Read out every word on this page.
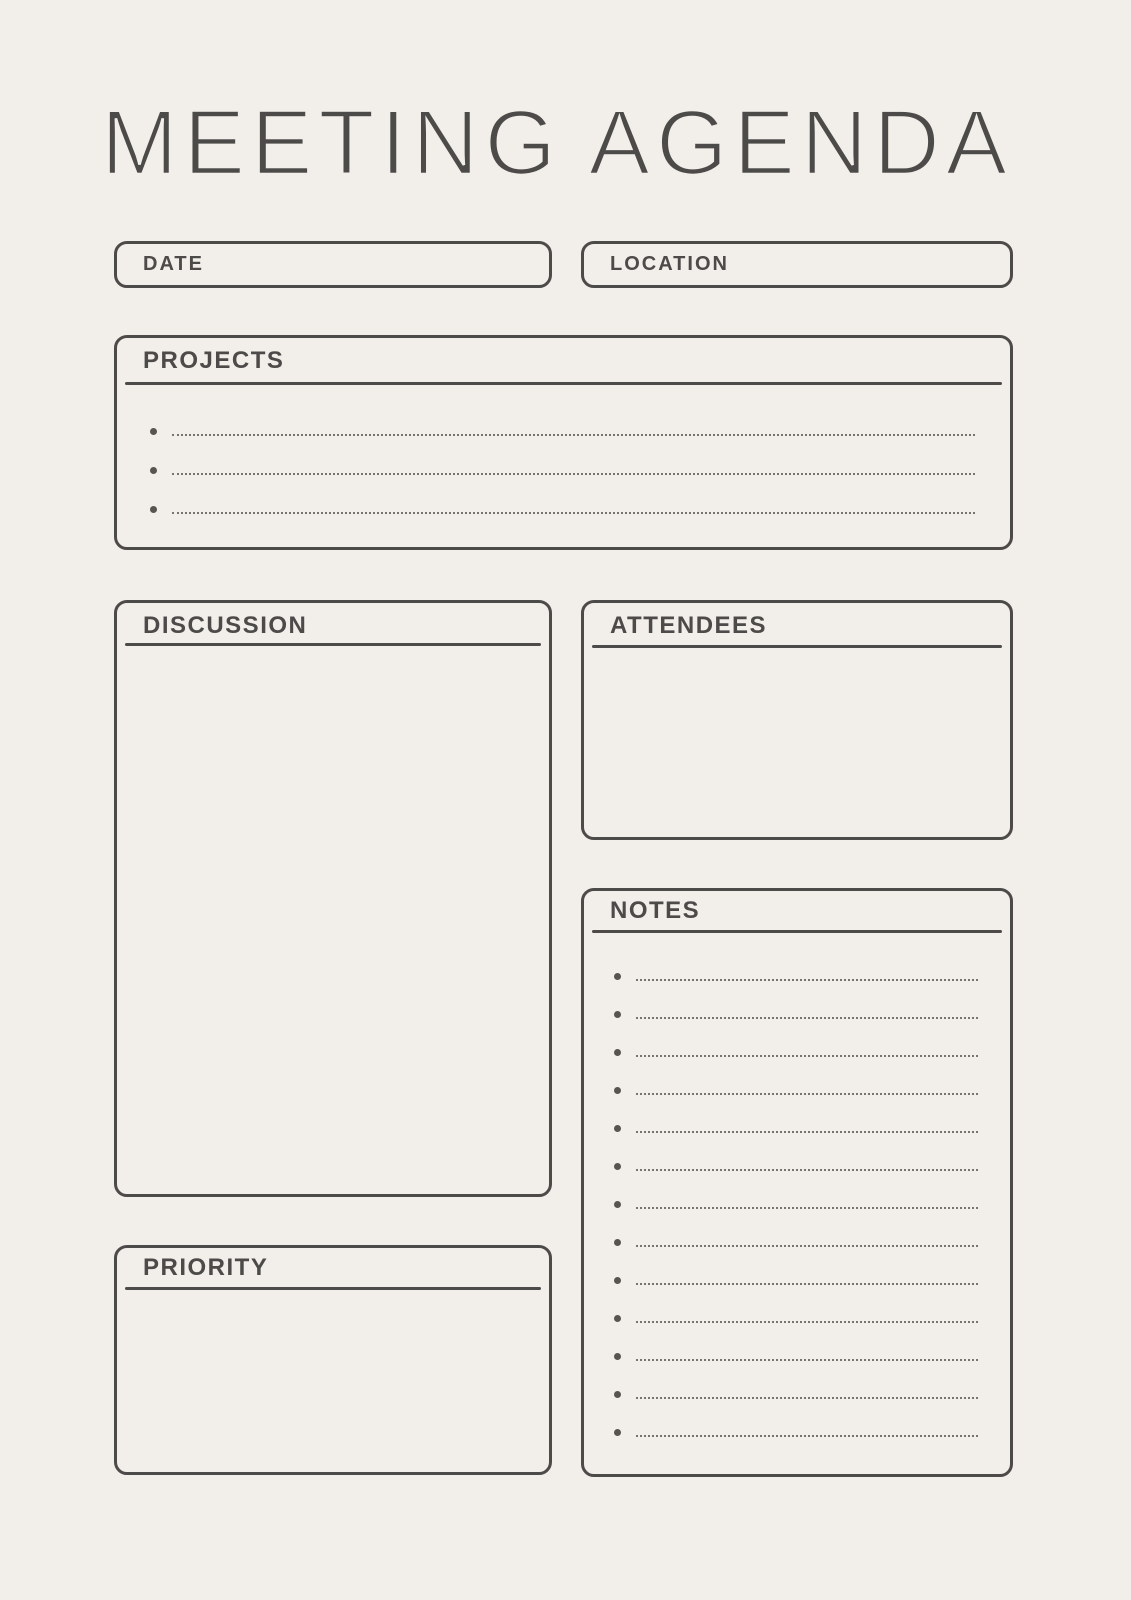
MEETING AGENDA
DATE	LOCATION
PROJECTS
DISCUSSION	ATTENDEES
NOTES
PRIORITY
